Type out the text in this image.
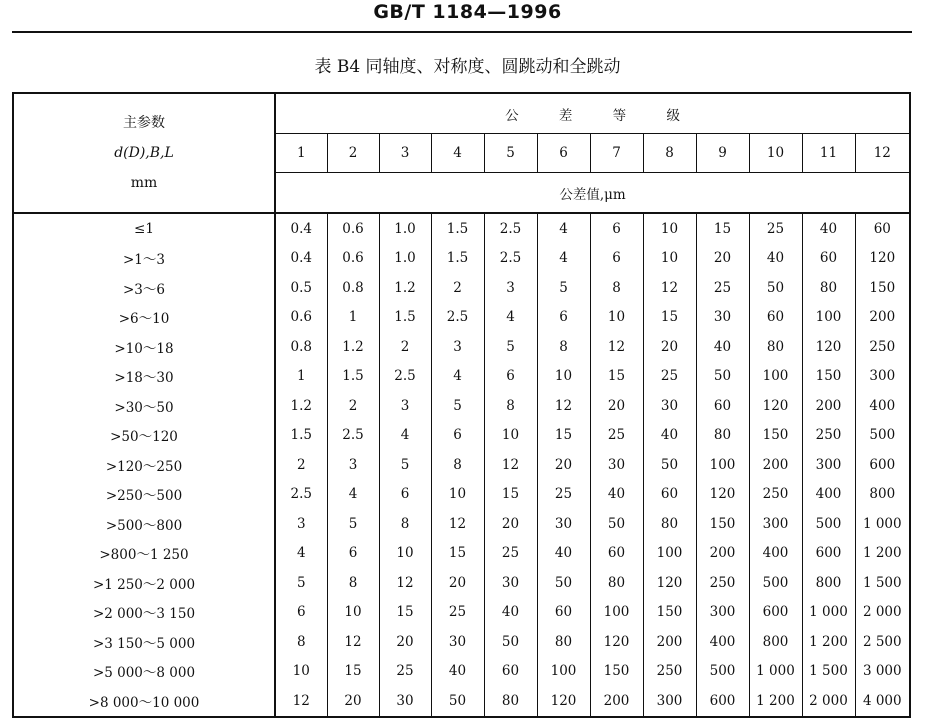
GB/T 1184—1996
表 B4 同轴度、对称度、圆跳动和全跳动
主参数
d(D),B,L
mm	公 差 等 级											
	1	2	3	4	5	6	7	8	9	10	11	12
	公差值,μm											
≤1	0.4	0.6	1.0	1.5	2.5	4	6	10	15	25	40	60
>1～3	0.4	0.6	1.0	1.5	2.5	4	6	10	20	40	60	120
>3～6	0.5	0.8	1.2	2	3	5	8	12	25	50	80	150
>6～10	0.6	1	1.5	2.5	4	6	10	15	30	60	100	200
>10～18	0.8	1.2	2	3	5	8	12	20	40	80	120	250
>18～30	1	1.5	2.5	4	6	10	15	25	50	100	150	300
>30～50	1.2	2	3	5	8	12	20	30	60	120	200	400
>50～120	1.5	2.5	4	6	10	15	25	40	80	150	250	500
>120～250	2	3	5	8	12	20	30	50	100	200	300	600
>250～500	2.5	4	6	10	15	25	40	60	120	250	400	800
>500～800	3	5	8	12	20	30	50	80	150	300	500	1 000
>800～1 250	4	6	10	15	25	40	60	100	200	400	600	1 200
>1 250～2 000	5	8	12	20	30	50	80	120	250	500	800	1 500
>2 000～3 150	6	10	15	25	40	60	100	150	300	600	1 000	2 000
>3 150～5 000	8	12	20	30	50	80	120	200	400	800	1 200	2 500
>5 000～8 000	10	15	25	40	60	100	150	250	500	1 000	1 500	3 000
>8 000～10 000	12	20	30	50	80	120	200	300	600	1 200	2 000	4 000
